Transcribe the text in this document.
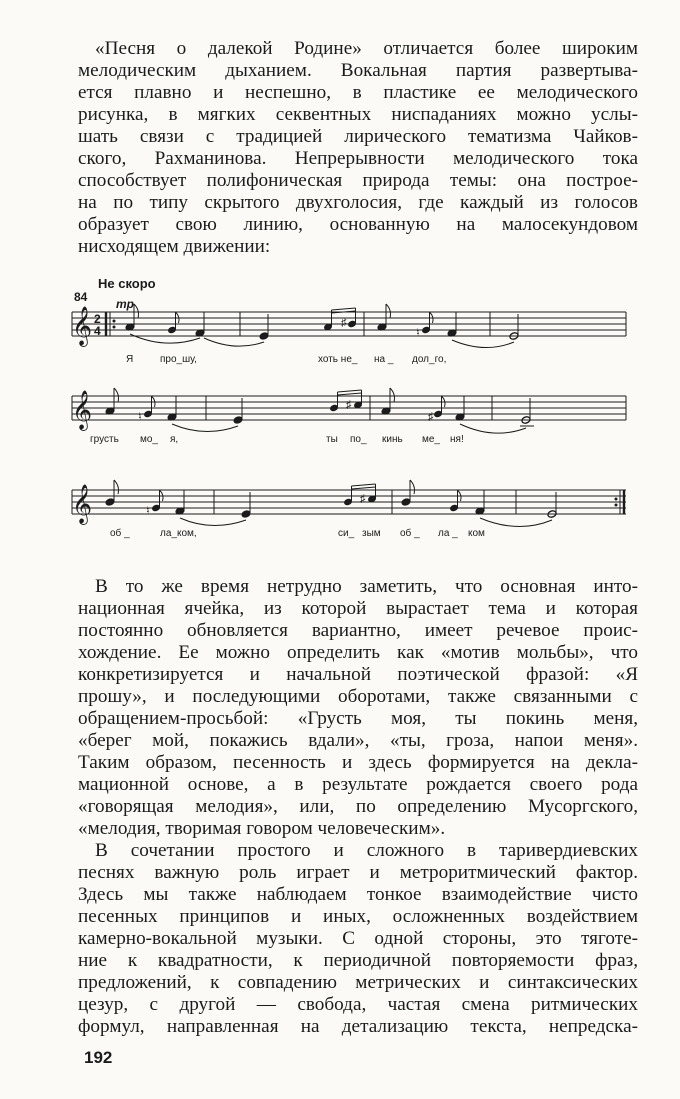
«Песня о далекой Родине» отличается более широким
мелодическим дыханием. Вокальная партия развертыва-
ется плавно и неспешно, в пластике ее мелодического
рисунка, в мягких секвентных ниспаданиях можно услы-
шать связи с традицией лирического тематизма Чайков-
ского, Рахманинова. Непрерывности мелодического тока
способствует полифоническая природа темы: она построе-
на по типу скрытого двухголосия, где каждый из голосов
образует свою линию, основанную на малосекундовом
нисходящем движении:
84
Не скоро
mp
𝄞 2
4
♯
♮
Я	про_шу,	хоть не_ на _ дол_го,
𝄞	♮
♯
♯
грусть мо_ я,	ты по_ кинь ме_ ня!
𝄞	♮
♯
об _	ла_ком,	си_ зым об _ ла _ ком
В то же время нетрудно заметить, что основная инто-
национная ячейка, из которой вырастает тема и которая
постоянно обновляется вариантно, имеет речевое проис-
хождение. Ее можно определить как «мотив мольбы», что
конкретизируется и начальной поэтической фразой: «Я
прошу», и последующими оборотами, также связанными с
обращением-просьбой: «Грусть моя, ты покинь меня,
«берег мой, покажись вдали», «ты, гроза, напои меня».
Таким образом, песенность и здесь формируется на декла-
мационной основе, а в результате рождается своего рода
«говорящая мелодия», или, по определению Мусоргского,
«мелодия, творимая говором человеческим».
В сочетании простого и сложного в таривердиевских
песнях важную роль играет и метроритмический фактор.
Здесь мы также наблюдаем тонкое взаимодействие чисто
песенных принципов и иных, осложненных воздействием
камерно-вокальной музыки. С одной стороны, это тяготе-
ние к квадратности, к периодичной повторяемости фраз,
предложений, к совпадению метрических и синтаксических
цезур, с другой — свобода, частая смена ритмических
формул, направленная на детализацию текста, непредска-
192
